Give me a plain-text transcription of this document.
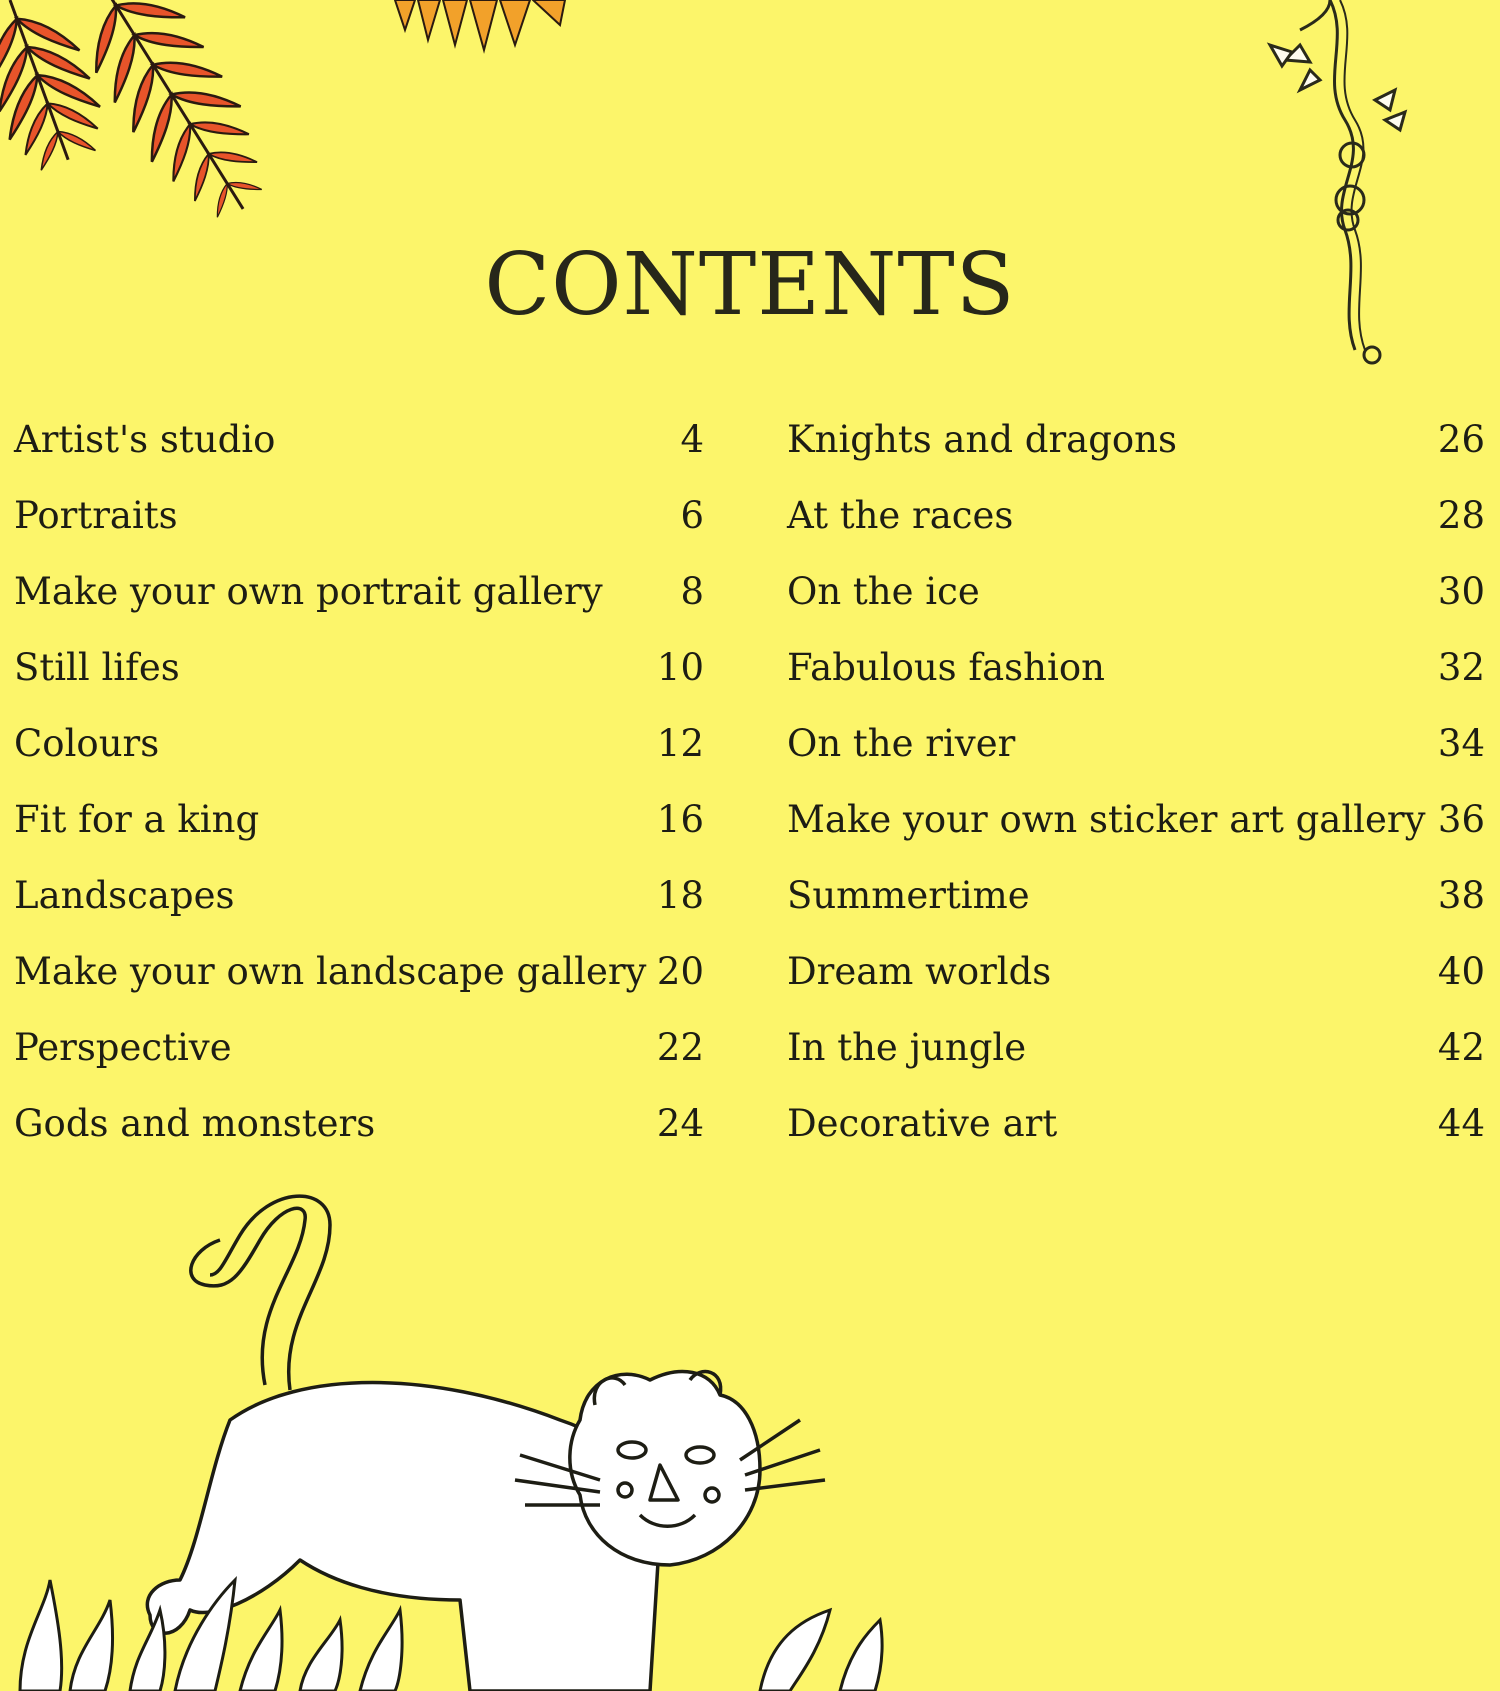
CONTENTS
Artist's studio	4
Portraits	6
Make your own portrait gallery 8
Still lifes	10
Colours	12
Fit for a king	16
Landscapes	18
Make your own landscape gallery 20
Perspective	22
Gods and monsters	24
Knights and dragons	26
At the races	28
On the ice	30
Fabulous fashion	32
On the river	34
Make your own sticker art gallery 36
Summertime	38
Dream worlds	40
In the jungle	42
Decorative art	44
